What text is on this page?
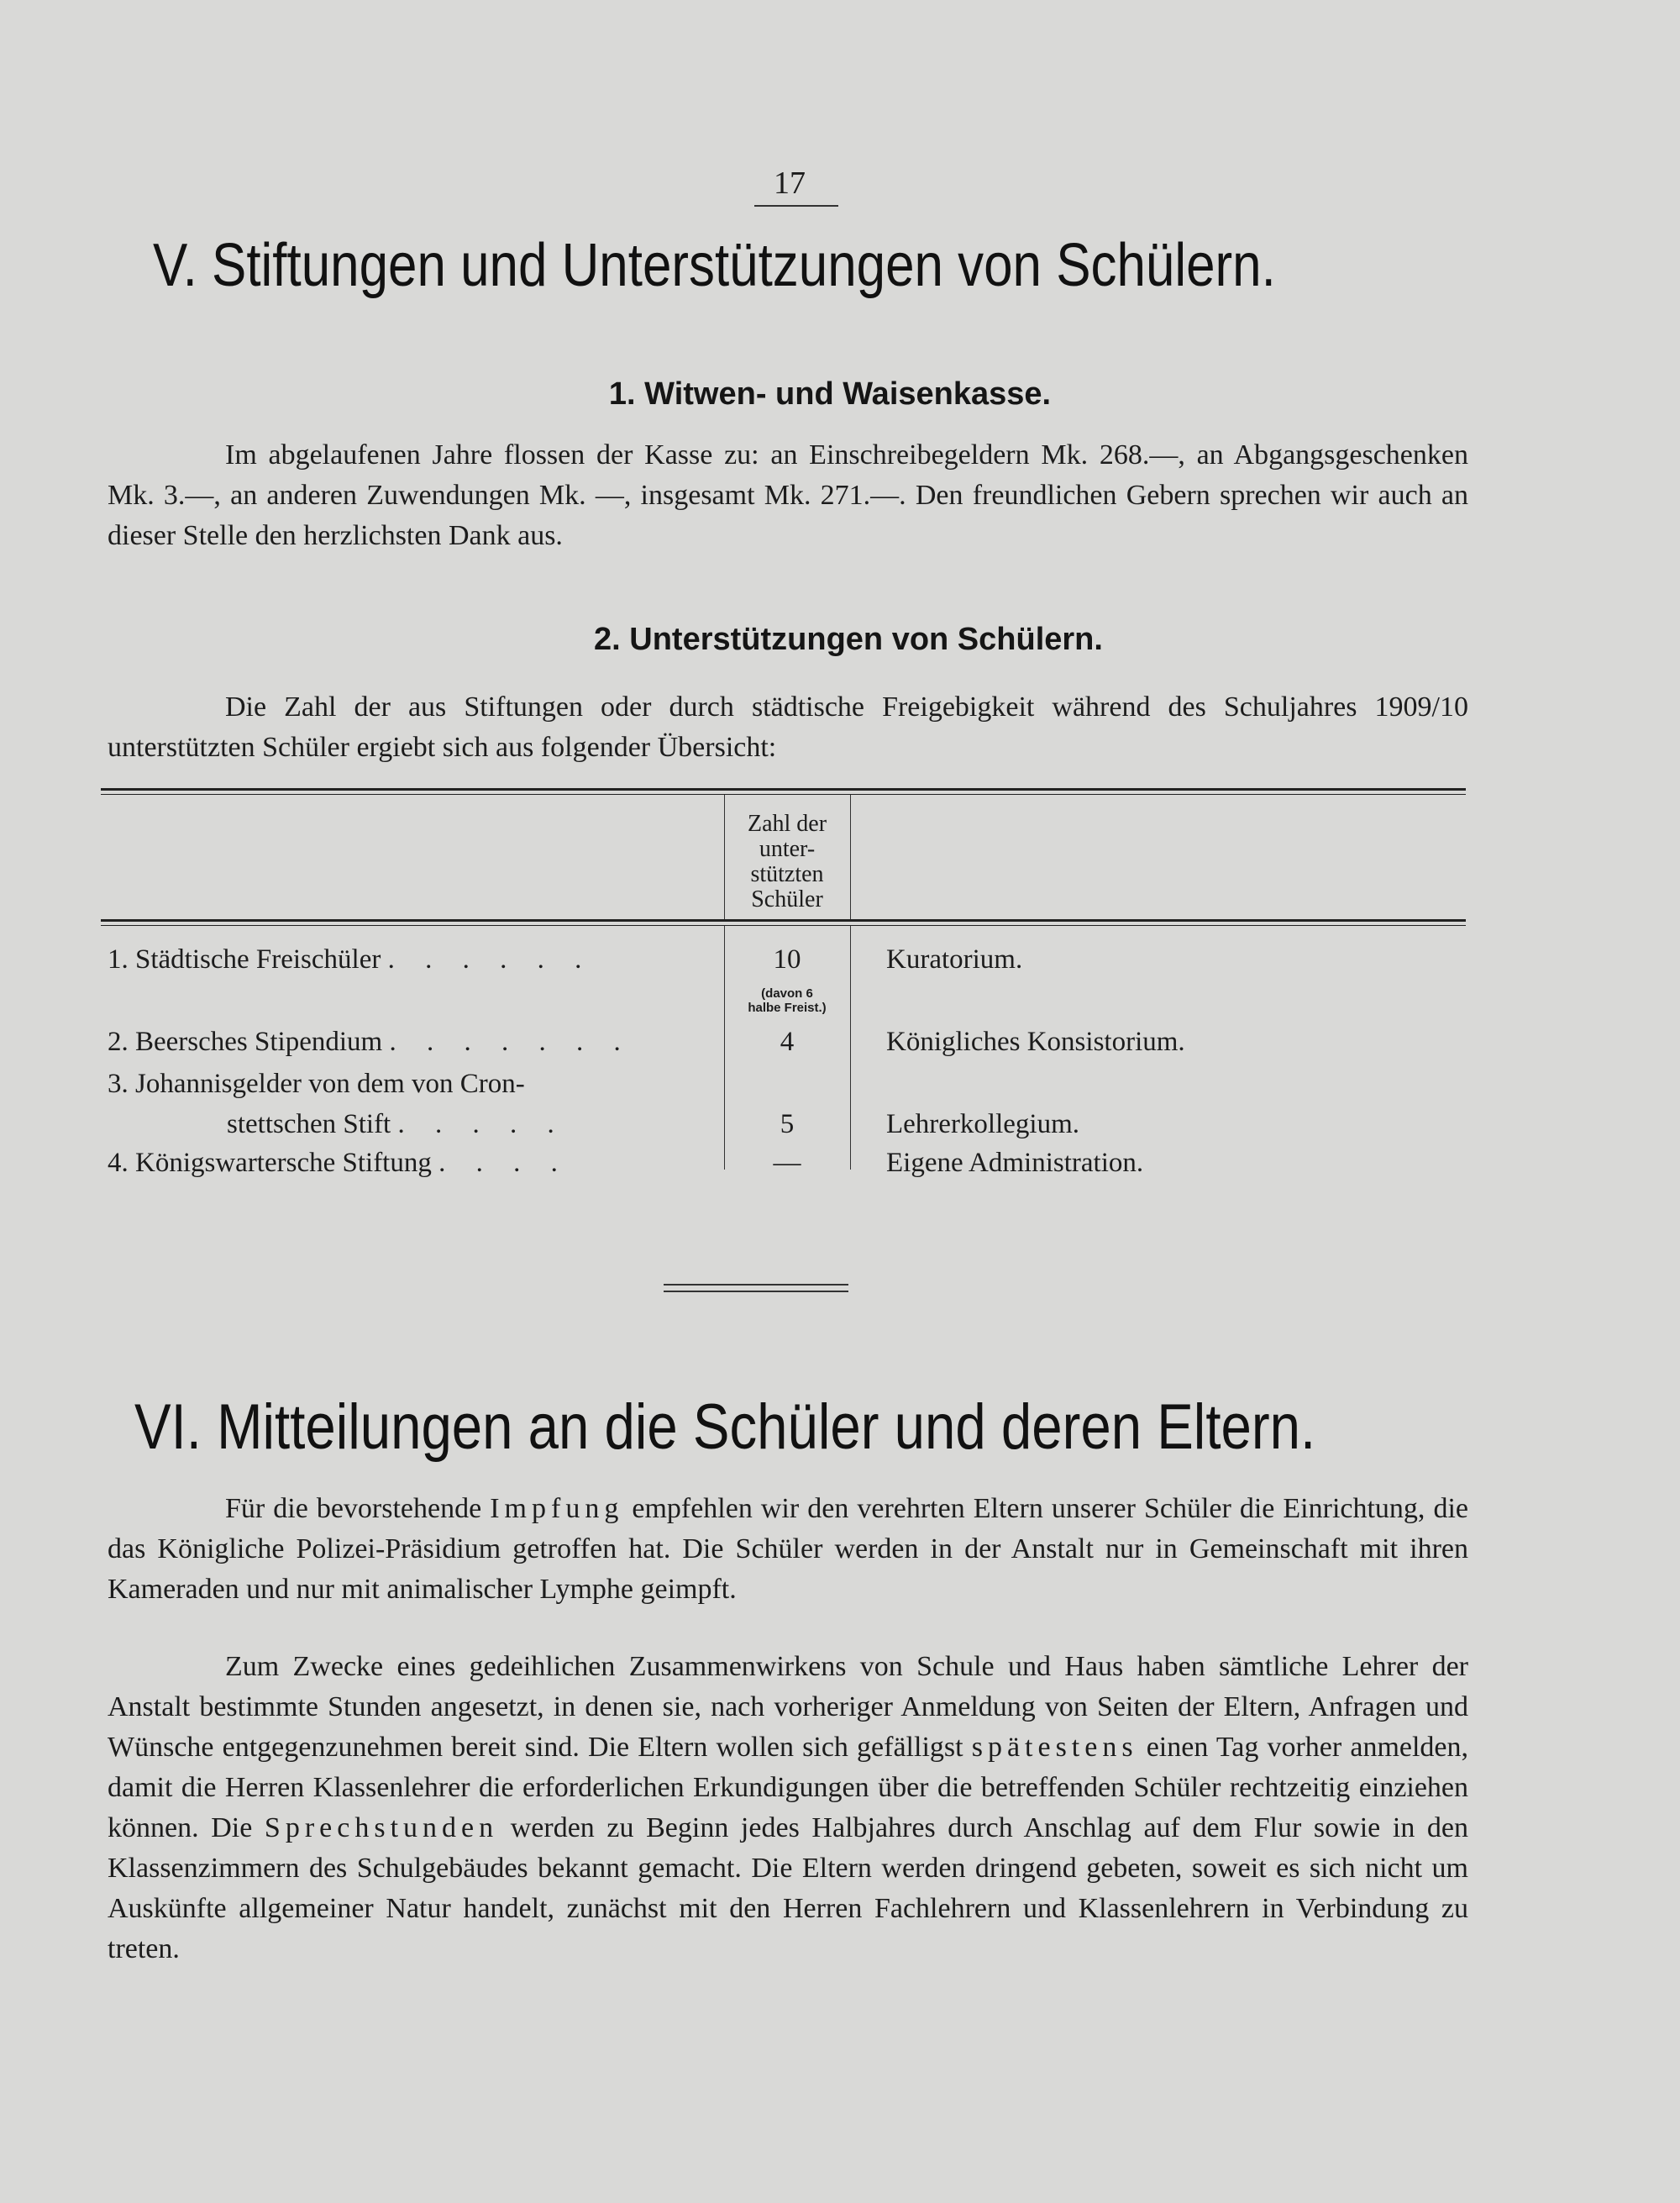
17
V. Stiftungen und Unterstützungen von Schülern.
1. Witwen- und Waisenkasse.

Im abgelaufenen Jahre flossen der Kasse zu: an Einschreibegeldern Mk. 268.—, an Abgangsgeschenken Mk. 3.—, an anderen Zuwendungen Mk. —, insgesamt Mk. 271.—. Den freundlichen Gebern sprechen wir auch an dieser Stelle den herzlichsten Dank aus.

2. Unterstützungen von Schülern.

Die Zahl der aus Stiftungen oder durch städtische Freigebigkeit während des Schuljahres 1909/10 unterstützten Schüler ergiebt sich aus folgender Übersicht:

Zahl der
unter-
stützten
Schüler
1. Städtische Freischüler . . . . . .	10	Kuratorium.
(davon 6
halbe Freist.)
2. Beersches Stipendium . . . . . . .	4	Königliches Konsistorium.
3. Johannisgelder von dem von Cron-
stettschen Stift . . . . .	5	Lehrerkollegium.
4. Königswartersche Stiftung . . . .	—	Eigene Administration.
VI. Mitteilungen an die Schüler und deren Eltern.

Für die bevorstehende Impfung empfehlen wir den verehrten Eltern unserer Schüler die Einrichtung, die das Königliche Polizei-Präsidium getroffen hat. Die Schüler werden in der Anstalt nur in Gemeinschaft mit ihren Kameraden und nur mit animalischer Lymphe geimpft.

Zum Zwecke eines gedeihlichen Zusammenwirkens von Schule und Haus haben sämtliche Lehrer der Anstalt bestimmte Stunden angesetzt, in denen sie, nach vorheriger Anmeldung von Seiten der Eltern, Anfragen und Wünsche entgegenzunehmen bereit sind. Die Eltern wollen sich gefälligst spätestens einen Tag vorher anmelden, damit die Herren Klassenlehrer die erforderlichen Erkundigungen über die betreffenden Schüler rechtzeitig einziehen können. Die Sprechstunden werden zu Beginn jedes Halbjahres durch Anschlag auf dem Flur sowie in den Klassenzimmern des Schulgebäudes bekannt gemacht. Die Eltern werden dringend gebeten, soweit es sich nicht um Auskünfte allgemeiner Natur handelt, zunächst mit den Herren Fachlehrern und Klassenlehrern in Verbindung zu treten.
